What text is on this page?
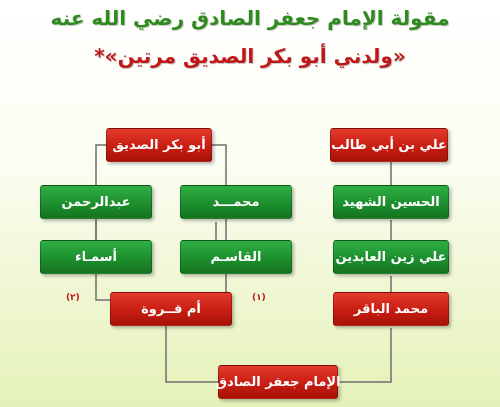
مقولة الإمام جعفر الصادق رضي الله عنه
«ولدني أبو بكر الصديق مرتين»*
أبو بكر الصديق
محمـــد
عبدالرحمن
القاسـم
أسمـاء
أم فــروة
(١)
(٢)
علي بن أبي طالب
الحسين الشهيد
علي زين العابدين
محمد الباقر
الإمام جعفر الصادق
